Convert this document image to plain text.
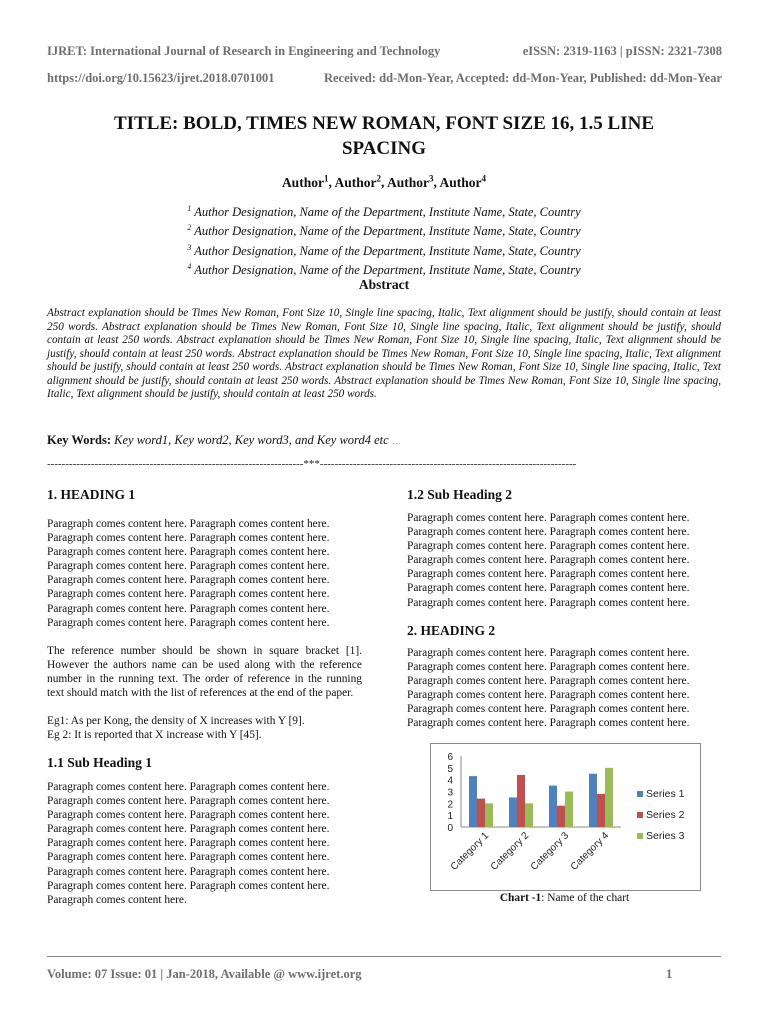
IJRET: International Journal of Research in Engineering and Technology	eISSN: 2319-1163 | pISSN: 2321-7308
https://doi.org/10.15623/ijret.2018.0701001	Received: dd-Mon-Year, Accepted: dd-Mon-Year, Published: dd-Mon-Year
TITLE: BOLD, TIMES NEW ROMAN, FONT SIZE 16, 1.5 LINE
SPACING
Author$^1$, Author$^2$, Author$^3$, Author$^4$
$^1$ Author Designation, Name of the Department, Institute Name, State, Country
$^2$ Author Designation, Name of the Department, Institute Name, State, Country
$^3$ Author Designation, Name of the Department, Institute Name, State, Country
$^4$ Author Designation, Name of the Department, Institute Name, State, Country
Abstract
Abstract explanation should be Times New Roman, Font Size 10, Single line spacing, Italic, Text alignment should be justify, should contain at least 250 words. Abstract explanation should be Times New Roman, Font Size 10, Single line spacing, Italic, Text alignment should be justify, should contain at least 250 words. Abstract explanation should be Times New Roman, Font Size 10, Single line spacing, Italic, Text alignment should be justify, should contain at least 250 words. Abstract explanation should be Times New Roman, Font Size 10, Single line spacing, Italic, Text alignment should be justify, should contain at least 250 words. Abstract explanation should be Times New Roman, Font Size 10, Single line spacing, Italic, Text alignment should be justify, should contain at least 250 words. Abstract explanation should be Times New Roman, Font Size 10, Single line spacing, Italic, Text alignment should be justify, should contain at least 250 words.
Key Words: Key word1, Key word2, Key word3, and Key word4 etc …
----------------------------------------------------------------------***----------------------------------------------------------------------
1. HEADING 1
Paragraph comes content here. Paragraph comes content here.
Paragraph comes content here. Paragraph comes content here.
Paragraph comes content here. Paragraph comes content here.
Paragraph comes content here. Paragraph comes content here.
Paragraph comes content here. Paragraph comes content here.
Paragraph comes content here. Paragraph comes content here.
Paragraph comes content here. Paragraph comes content here.
Paragraph comes content here. Paragraph comes content here.
The reference number should be shown in square bracket [1]. However the authors name can be used along with the reference number in the running text. The order of reference in the running text should match with the list of references at the end of the paper.
Eg1: As per Kong, the density of X increases with Y [9].
Eg 2: It is reported that X increase with Y [45].
1.1 Sub Heading 1
Paragraph comes content here. Paragraph comes content here.
Paragraph comes content here. Paragraph comes content here.
Paragraph comes content here. Paragraph comes content here.
Paragraph comes content here. Paragraph comes content here.
Paragraph comes content here. Paragraph comes content here.
Paragraph comes content here. Paragraph comes content here.
Paragraph comes content here. Paragraph comes content here.
Paragraph comes content here. Paragraph comes content here.
Paragraph comes content here.
1.2 Sub Heading 2
Paragraph comes content here. Paragraph comes content here.
Paragraph comes content here. Paragraph comes content here.
Paragraph comes content here. Paragraph comes content here.
Paragraph comes content here. Paragraph comes content here.
Paragraph comes content here. Paragraph comes content here.
Paragraph comes content here. Paragraph comes content here.
Paragraph comes content here. Paragraph comes content here.
2. HEADING 2
Paragraph comes content here. Paragraph comes content here.
Paragraph comes content here. Paragraph comes content here.
Paragraph comes content here. Paragraph comes content here.
Paragraph comes content here. Paragraph comes content here.
Paragraph comes content here. Paragraph comes content here.
Paragraph comes content here. Paragraph comes content here.
0
1
2
3
4
5
6
Category 1
Category 2
Category 3
Category 4
Series 1
Series 2
Series 3
Chart -1: Name of the chart
Volume: 07 Issue: 01 | Jan-2018, Available @ www.ijret.org	1
